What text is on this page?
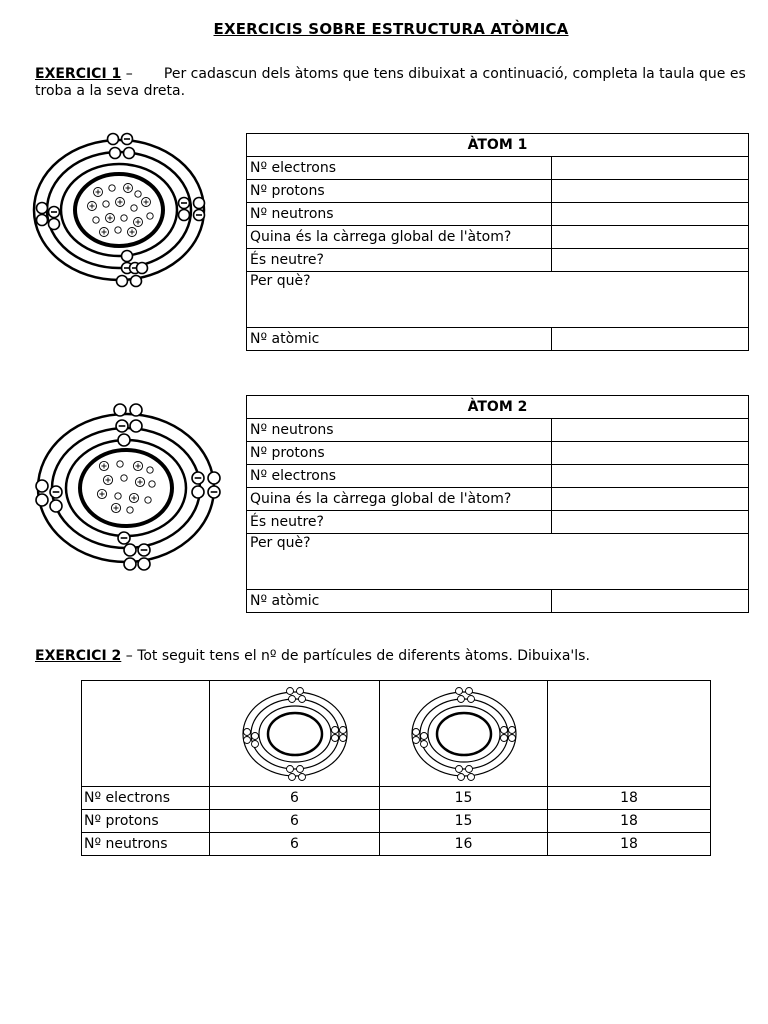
EXERCICIS SOBRE ESTRUCTURA ATÒMICA
EXERCICI 1 – Per cadascun dels àtoms que tens dibuixat a continuació, completa la taula que es troba a la seva dreta.
ÀTOM 1	
Nº electrons	
Nº protons	
Nº neutrons	
Quina és la càrrega global de l'àtom?	
És neutre?	
Per què?	
Nº atòmic	
ÀTOM 2	
Nº neutrons	
Nº protons	
Nº electrons	
Quina és la càrrega global de l'àtom?	
És neutre?	
Per què?	
Nº atòmic	
EXERCICI 2 – Tot seguit tens el nº de partícules de diferents àtoms. Dibuixa'ls.

Nº electrons	6	15	18
Nº protons	6	15	18
Nº neutrons	6	16	18
